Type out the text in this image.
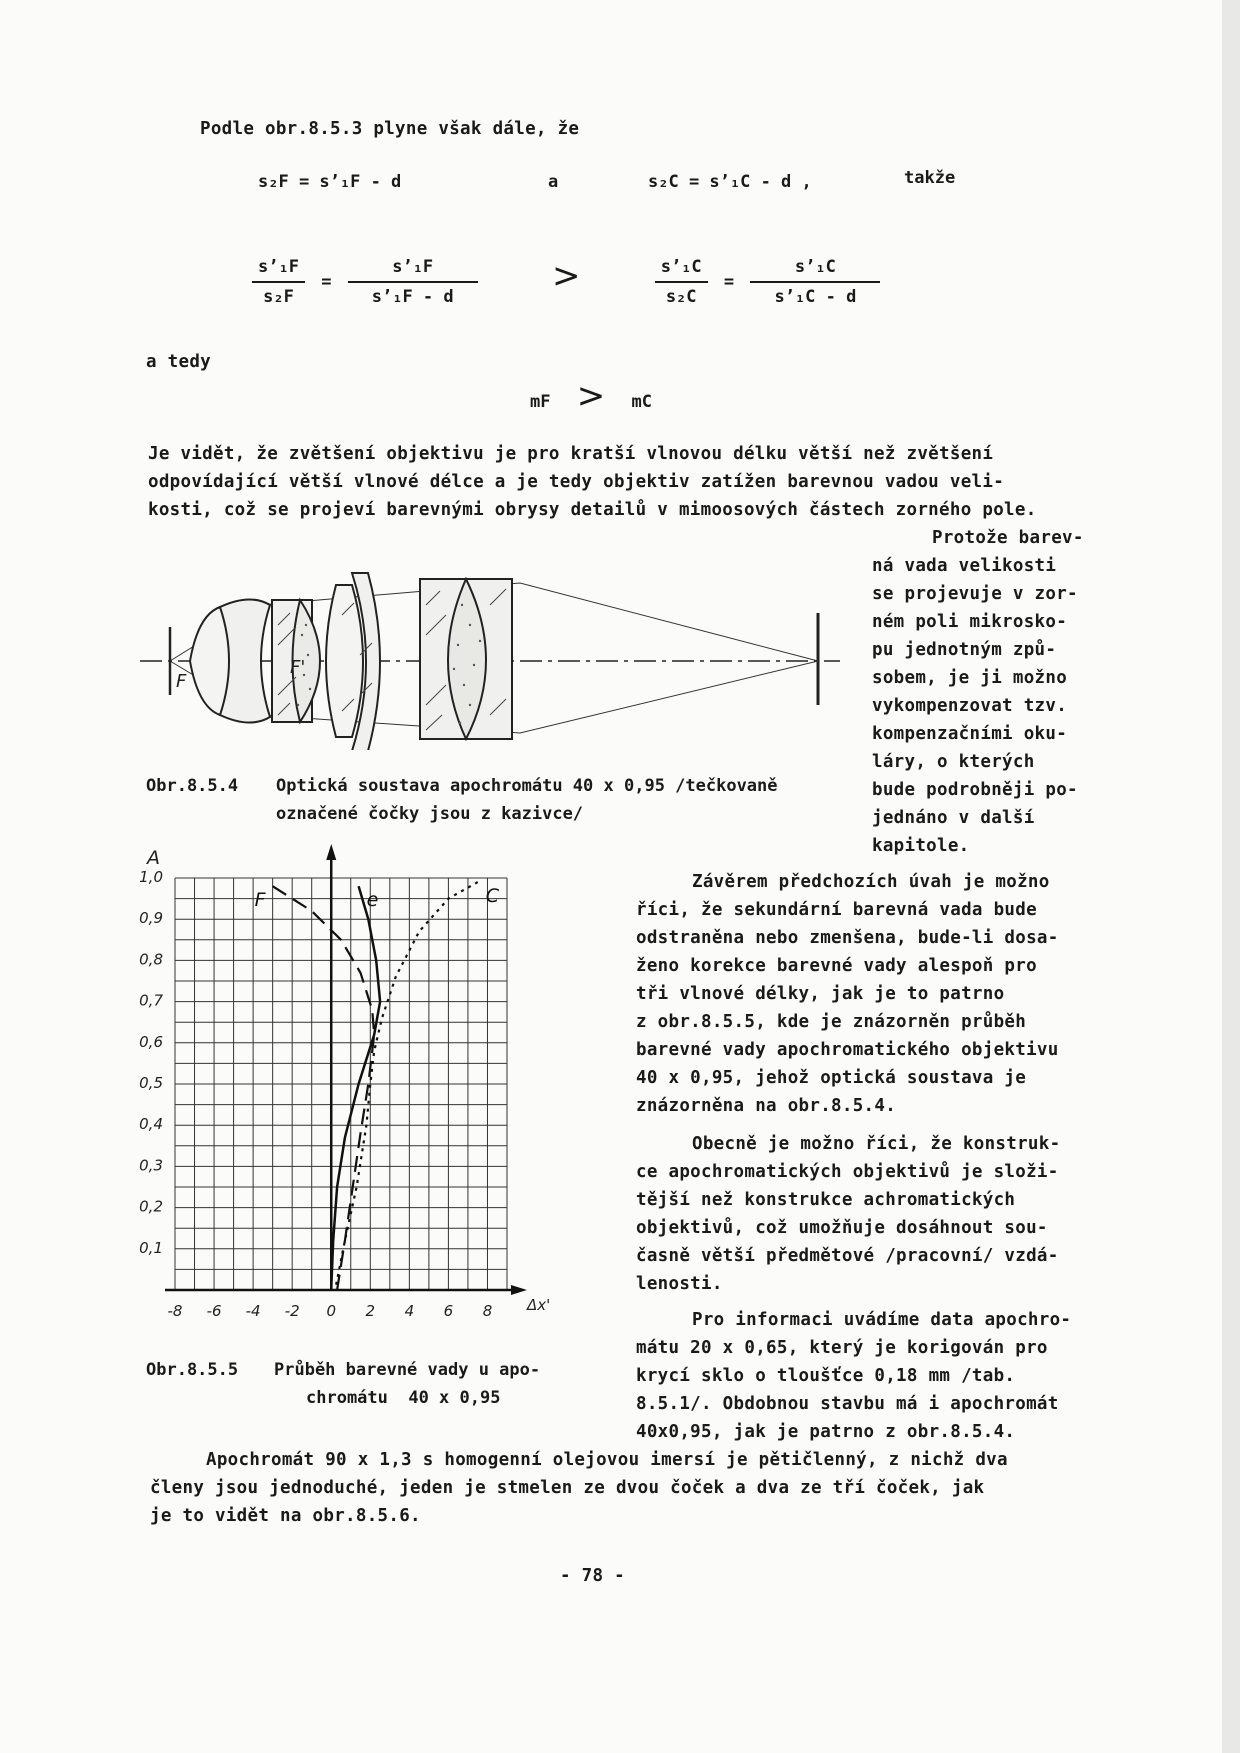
Podle obr.8.5.3 plyne však dále, že
s₂F = s’₁F - d	a	s₂C = s’₁C - d ,	takže
$\frac{\text{s’₁F}}{\text{s₂F}} = \frac{\text{s’₁F}}{\text{s’₁F - d}}$ >	$\frac{\text{s’₁C}}{\text{s₂C}} = \frac{\text{s’₁C}}{\text{s’₁C - d}}$
a tedy
mF > mC
Je vidět, že zvětšení objektivu je pro kratší vlnovou délku větší než zvětšení
odpovídající větší vlnové délce a je tedy objektiv zatížen barevnou vadou veli-
kosti, což se projeví barevnými obrysy detailů v mimoosových částech zorného pole.
Protože barev-
ná vada velikosti
se projevuje v zor-
ném poli mikrosko-
pu jednotným způ-
sobem, je ji možno
vykompenzovat tzv.
kompenzačními oku-
láry, o kterých
bude podrobněji po-
jednáno v další
kapitole.
F
F'
Obr.8.5.4 Optická soustava apochromátu 40 x 0,95 /tečkovaně
označené čočky jsou z kazivce/
0,1
0,2
0,3
0,4
0,5
0,6
0,7
0,8
0,9
1,0
-8 -6 -4 -2 0 2 4 6 8
A
Δx'
F	e	C
Obr.8.5.5 Průběh barevné vady u apo-
chromátu  40 x 0,95
Závěrem předchozích úvah je možno
říci, že sekundární barevná vada bude
odstraněna nebo zmenšena, bude-li dosa-
ženo korekce barevné vady alespoň pro
tři vlnové délky, jak je to patrno
z obr.8.5.5, kde je znázorněn průběh
barevné vady apochromatického objektivu
40 x 0,95, jehož optická soustava je
znázorněna na obr.8.5.4.
Obecně je možno říci, že konstruk-
ce apochromatických objektivů je složi-
tější než konstrukce achromatických
objektivů, což umožňuje dosáhnout sou-
časně větší předmětové /pracovní/ vzdá-
lenosti.
Pro informaci uvádíme data apochro-
mátu 20 x 0,65, který je korigován pro
krycí sklo o tloušťce 0,18 mm /tab.
8.5.1/. Obdobnou stavbu má i apochromát
40x0,95, jak je patrno z obr.8.5.4.
Apochromát 90 x 1,3 s homogenní olejovou imersí je pětičlenný, z nichž dva
členy jsou jednoduché, jeden je stmelen ze dvou čoček a dva ze tří čoček, jak
je to vidět na obr.8.5.6.
- 78 -
